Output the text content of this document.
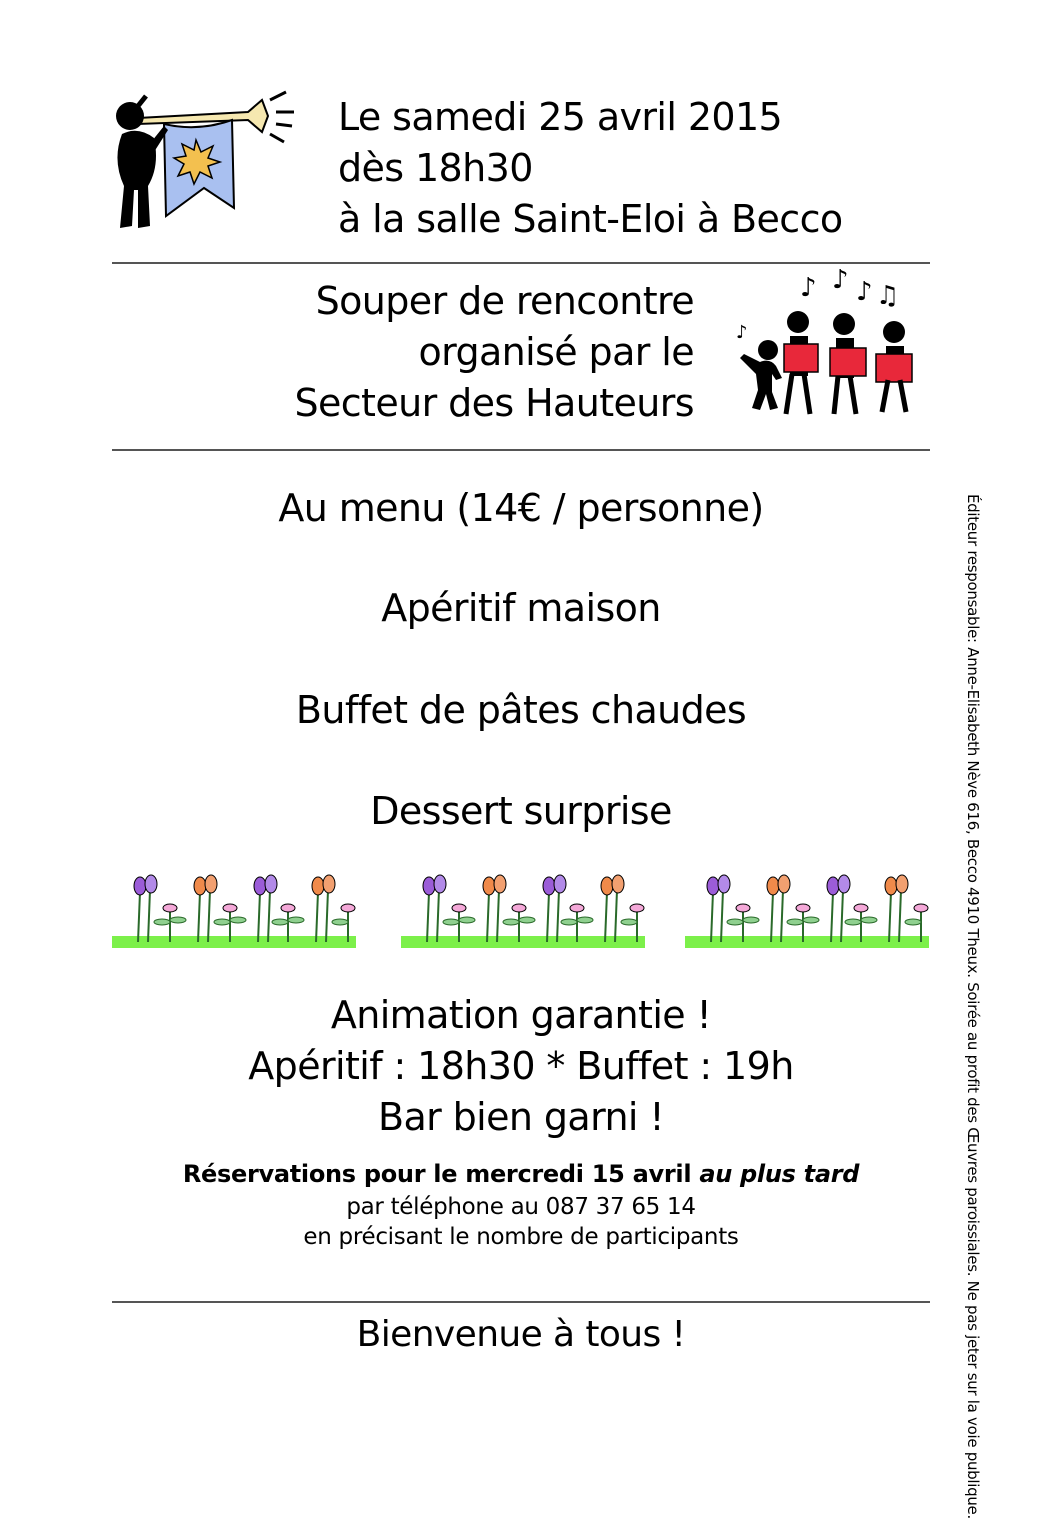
Le samedi 25 avril 2015
dès 18h30
à la salle Saint-Eloi à Becco
Souper de rencontre
organisé par le
Secteur des Hauteurs
♪ ♪ ♪ ♫
♪
Au menu (14€ / personne)
Apéritif maison
Buffet de pâtes chaudes
Dessert surprise
Animation garantie !
Apéritif : 18h30 * Buffet : 19h
Bar bien garni !
Réservations pour le mercredi 15 avril au plus tard
par téléphone au 087 37 65 14
en précisant le nombre de participants
Bienvenue à tous !	Éditeur responsable: Anne-Elisabeth Nève 616, Becco 4910 Theux. Soirée au profit des Œuvres paroissiales. Ne pas jeter sur la voie publique.
